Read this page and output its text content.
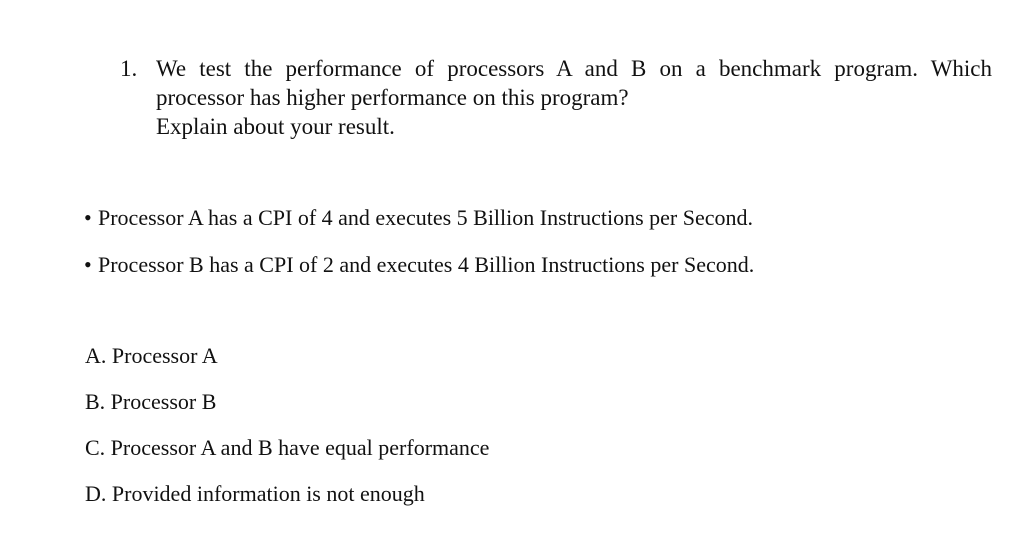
1. We test the performance of processors A and B on a benchmark program. Which
processor has higher performance on this program?
Explain about your result.
• Processor A has a CPI of 4 and executes 5 Billion Instructions per Second.
• Processor B has a CPI of 2 and executes 4 Billion Instructions per Second.
A. Processor A
B. Processor B
C. Processor A and B have equal performance
D. Provided information is not enough
